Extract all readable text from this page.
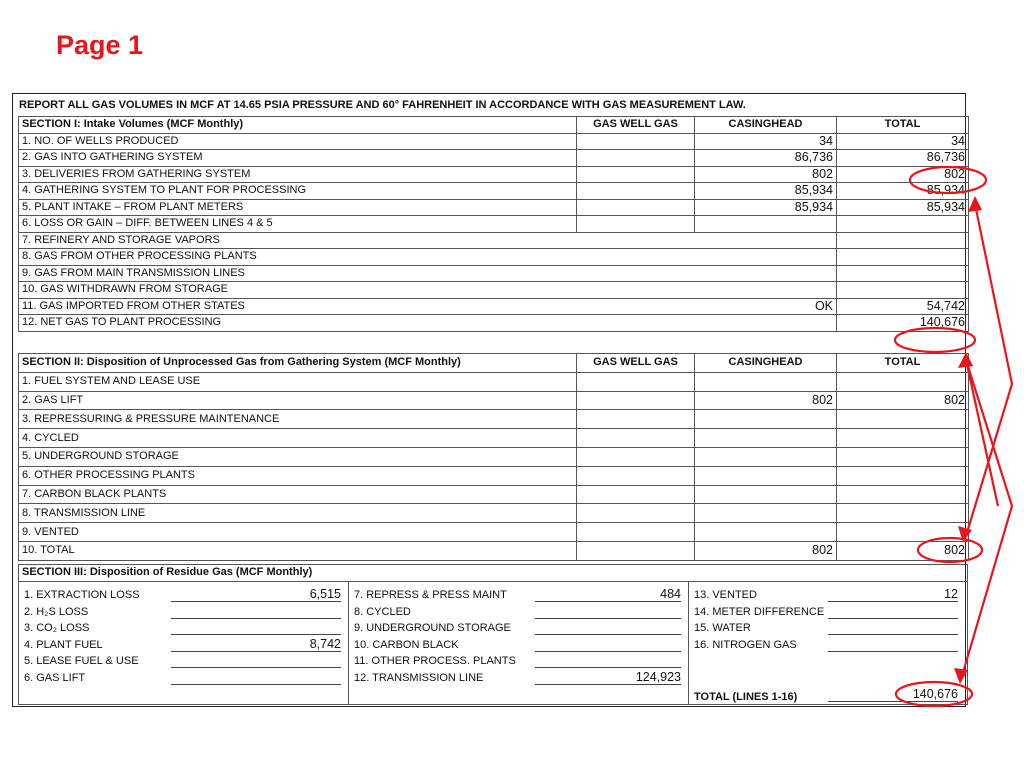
Page 1
REPORT ALL GAS VOLUMES IN MCF AT 14.65 PSIA PRESSURE AND 60° FAHRENHEIT IN ACCORDANCE WITH GAS MEASUREMENT LAW.
SECTION I: Intake Volumes (MCF Monthly)	GAS WELL GAS	CASINGHEAD	TOTAL
1. NO. OF WELLS PRODUCED		34	34
2. GAS INTO GATHERING SYSTEM		86,736	86,736
3. DELIVERIES FROM GATHERING SYSTEM		802	802
4. GATHERING SYSTEM TO PLANT FOR PROCESSING		85,934	85,934
5. PLANT INTAKE – FROM PLANT METERS		85,934	85,934
6. LOSS OR GAIN – DIFF. BETWEEN LINES 4 & 5			
7. REFINERY AND STORAGE VAPORS			
8. GAS FROM OTHER PROCESSING PLANTS			
9. GAS FROM MAIN TRANSMISSION LINES			
10. GAS WITHDRAWN FROM STORAGE			
11. GAS IMPORTED FROM OTHER STATES		OK	54,742
12. NET GAS TO PLANT PROCESSING			140,676
SECTION II: Disposition of Unprocessed Gas from Gathering System (MCF Monthly)	GAS WELL GAS	CASINGHEAD	TOTAL
1. FUEL SYSTEM AND LEASE USE			
2. GAS LIFT		802	802
3. REPRESSURING & PRESSURE MAINTENANCE			
4. CYCLED			
5. UNDERGROUND STORAGE			
6. OTHER PROCESSING PLANTS			
7. CARBON BLACK PLANTS			
8. TRANSMISSION LINE			
9. VENTED			
10. TOTAL		802	802
SECTION III: Disposition of Residue Gas (MCF Monthly)
1. EXTRACTION LOSS	6,515
2. H₂S LOSS
3. CO₂ LOSS
4. PLANT FUEL	8,742
5. LEASE FUEL & USE
6. GAS LIFT
7. REPRESS & PRESS MAINT	484
8. CYCLED
9. UNDERGROUND STORAGE
10. CARBON BLACK
11. OTHER PROCESS. PLANTS
12. TRANSMISSION LINE	124,923
13. VENTED	12
14. METER DIFFERENCE
15. WATER
16. NITROGEN GAS
TOTAL (LINES 1-16)	140,676
